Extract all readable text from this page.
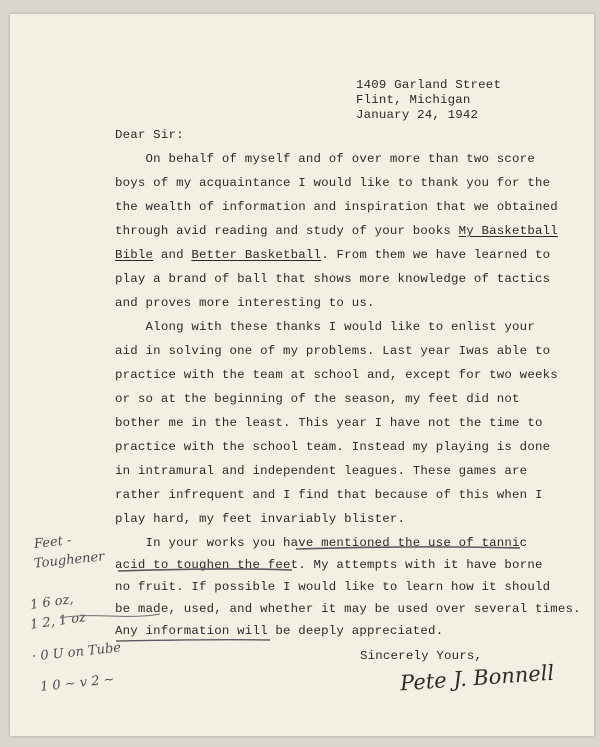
1409 Garland Street
Flint, Michigan
January 24, 1942
Dear Sir:
On behalf of myself and of over more than two score
boys of my acquaintance I would like to thank you for the
the wealth of information and inspiration that we obtained
through avid reading and study of your books My Basketball
Bible and Better Basketball. From them we have learned to
play a brand of ball that shows more knowledge of tactics
and proves more interesting to us.
Along with these thanks I would like to enlist your
aid in solving one of my problems. Last year Iwas able to
practice with the team at school and, except for two weeks
or so at the beginning of the season, my feet did not
bother me in the least. This year I have not the time to
practice with the school team. Instead my playing is done
in intramural and independent leagues. These games are
rather infrequent and I find that because of this when I
play hard, my feet invariably blister.
In your works you have mentioned the use of tannic
acid to toughen the feet. My attempts with it have borne
no fruit. If possible I would like to learn how it should
be made, used, and whether it may be used over several times.
Any information will be deeply appreciated.
Sincerely Yours,
Pete J. Bonnell
Feet -
Toughener
1 6 oz,
1 2, 1 oz
· 0 U on Tube
1 0 ~ v 2 ~
